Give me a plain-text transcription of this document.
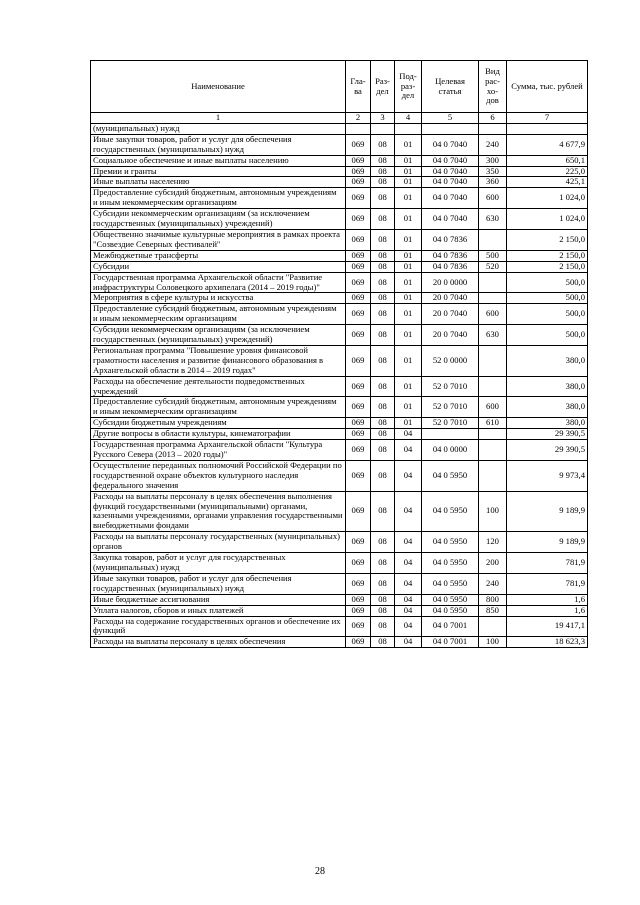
Наименование	Гла-ва	Раз-дел	Под-раз-дел	Целевая статья	Вид рас-хо-дов	Сумма, тыс. рублей
1	2	3	4	5	6	7
(муниципальных) нужд						
Иные закупки товаров, работ и услуг для обеспечения государственных (муниципальных) нужд	069	08	01	04 0 7040	240	4 677,9
Социальное обеспечение и иные выплаты населению	069	08	01	04 0 7040	300	650,1
Премии и гранты	069	08	01	04 0 7040	350	225,0
Иные выплаты населению	069	08	01	04 0 7040	360	425,1
Предоставление субсидий бюджетным, автономным учреждениям и иным некоммерческим организациям	069	08	01	04 0 7040	600	1 024,0
Субсидии некоммерческим организациям (за исключением государственных (муниципальных) учреждений)	069	08	01	04 0 7040	630	1 024,0
Общественно значимые культурные мероприятия в рамках проекта "Созвездие Северных фестивалей"	069	08	01	04 0 7836		2 150,0
Межбюджетные трансферты	069	08	01	04 0 7836	500	2 150,0
Субсидии	069	08	01	04 0 7836	520	2 150,0
Государственная программа Архангельской области "Развитие инфраструктуры Соловецкого архипелага (2014 – 2019 годы)"	069	08	01	20 0 0000		500,0
Мероприятия в сфере культуры и искусства	069	08	01	20 0 7040		500,0
Предоставление субсидий бюджетным, автономным учреждениям и иным некоммерческим организациям	069	08	01	20 0 7040	600	500,0
Субсидии некоммерческим организациям (за исключением государственных (муниципальных) учреждений)	069	08	01	20 0 7040	630	500,0
Региональная программа "Повышение уровня финансовой грамотности населения и развитие финансового образования в Архангельской области в 2014 – 2019 годах"	069	08	01	52 0 0000		380,0
Расходы на обеспечение деятельности подведомственных учреждений	069	08	01	52 0 7010		380,0
Предоставление субсидий бюджетным, автономным учреждениям и иным некоммерческим организациям	069	08	01	52 0 7010	600	380,0
Субсидии бюджетным учреждениям	069	08	01	52 0 7010	610	380,0
Другие вопросы в области культуры, кинематографии	069	08	04			29 390,5
Государственная программа Архангельской области "Культура Русского Севера (2013 – 2020 годы)"	069	08	04	04 0 0000		29 390,5
Осуществление переданных полномочий Российской Федерации по государственной охране объектов культурного наследия федерального значения	069	08	04	04 0 5950		9 973,4
Расходы на выплаты персоналу в целях обеспечения выполнения функций государственными (муниципальными) органами, казенными учреждениями, органами управления государственными внебюджетными фондами	069	08	04	04 0 5950	100	9 189,9
Расходы на выплаты персоналу государственных (муниципальных) органов	069	08	04	04 0 5950	120	9 189,9
Закупка товаров, работ и услуг для государственных (муниципальных) нужд	069	08	04	04 0 5950	200	781,9
Иные закупки товаров, работ и услуг для обеспечения государственных (муниципальных) нужд	069	08	04	04 0 5950	240	781,9
Иные бюджетные ассигнования	069	08	04	04 0 5950	800	1,6
Уплата налогов, сборов и иных платежей	069	08	04	04 0 5950	850	1,6
Расходы на содержание государственных органов и обеспечение их функций	069	08	04	04 0 7001		19 417,1
Расходы на выплаты персоналу в целях обеспечения	069	08	04	04 0 7001	100	18 623,3
28
